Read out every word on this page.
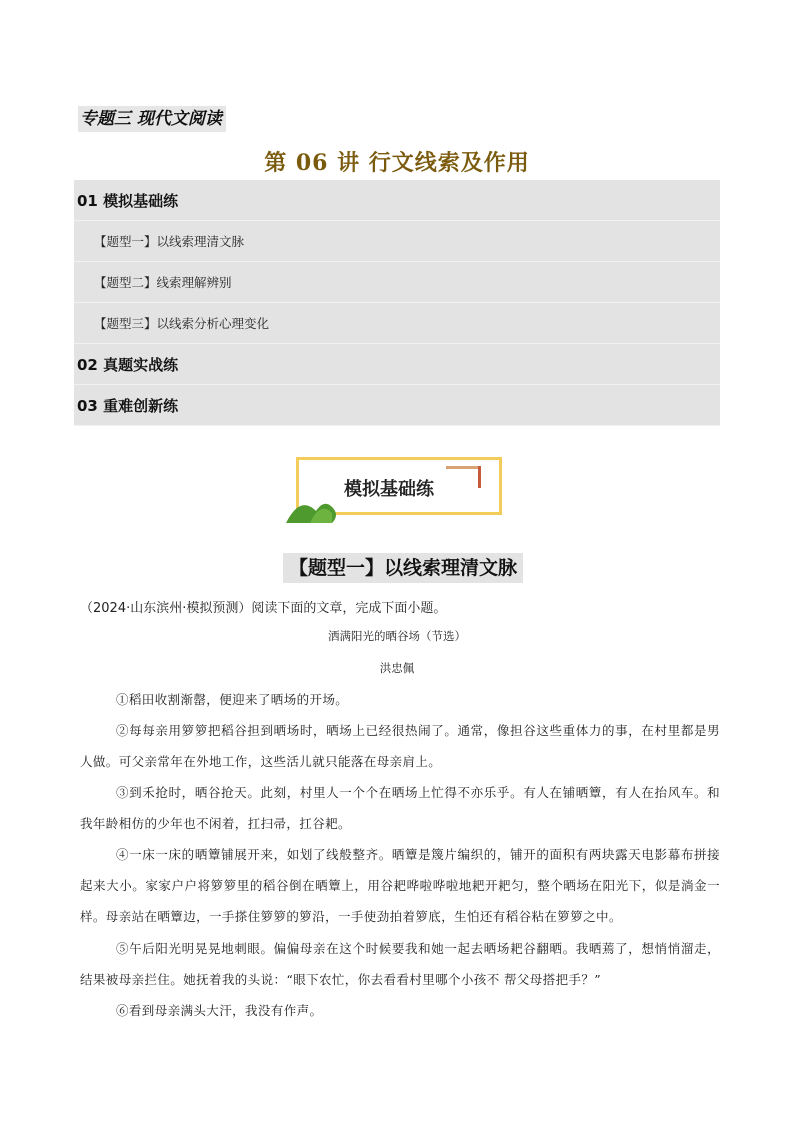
专题三 现代文阅读
第 06 讲 行文线索及作用
01 模拟基础练
【题型一】以线索理清文脉
【题型二】线索理解辨别
【题型三】以线索分析心理变化
02 真题实战练
03 重难创新练
模拟基础练
【题型一】以线索理清文脉
（2024·山东滨州·模拟预测）阅读下面的文章，完成下面小题。
洒满阳光的晒谷场（节选）
洪忠佩
①稻田收割渐罄，便迎来了晒场的开场。
②每每亲用箩箩把稻谷担到晒场时，晒场上已经很热闹了。通常，像担谷这些重体力的事，在村里都是男人做。可父亲常年在外地工作，这些活儿就只能落在母亲肩上。
③到禾抢时，晒谷抢天。此刻，村里人一个个在晒场上忙得不亦乐乎。有人在铺晒簟，有人在抬风车。和我年龄相仿的少年也不闲着，扛扫帚，扛谷耙。
④一床一床的晒簟铺展开来，如划了线般整齐。晒簟是篾片编织的，铺开的面积有两块露天电影幕布拼接起来大小。家家户户将箩箩里的稻谷倒在晒簟上，用谷耙哗啦哗啦地耙开耙匀，整个晒场在阳光下，似是淌金一样。母亲站在晒簟边，一手搽住箩箩的箩沿，一手使劲拍着箩底，生怕还有稻谷粘在箩箩之中。
⑤午后阳光明晃晃地刺眼。偏偏母亲在这个时候要我和她一起去晒场耙谷翻晒。我晒蔫了，想悄悄溜走，结果被母亲拦住。她抚着我的头说：“眼下农忙，你去看看村里哪个小孩不 帮父母搭把手？”
⑥看到母亲满头大汗，我没有作声。
